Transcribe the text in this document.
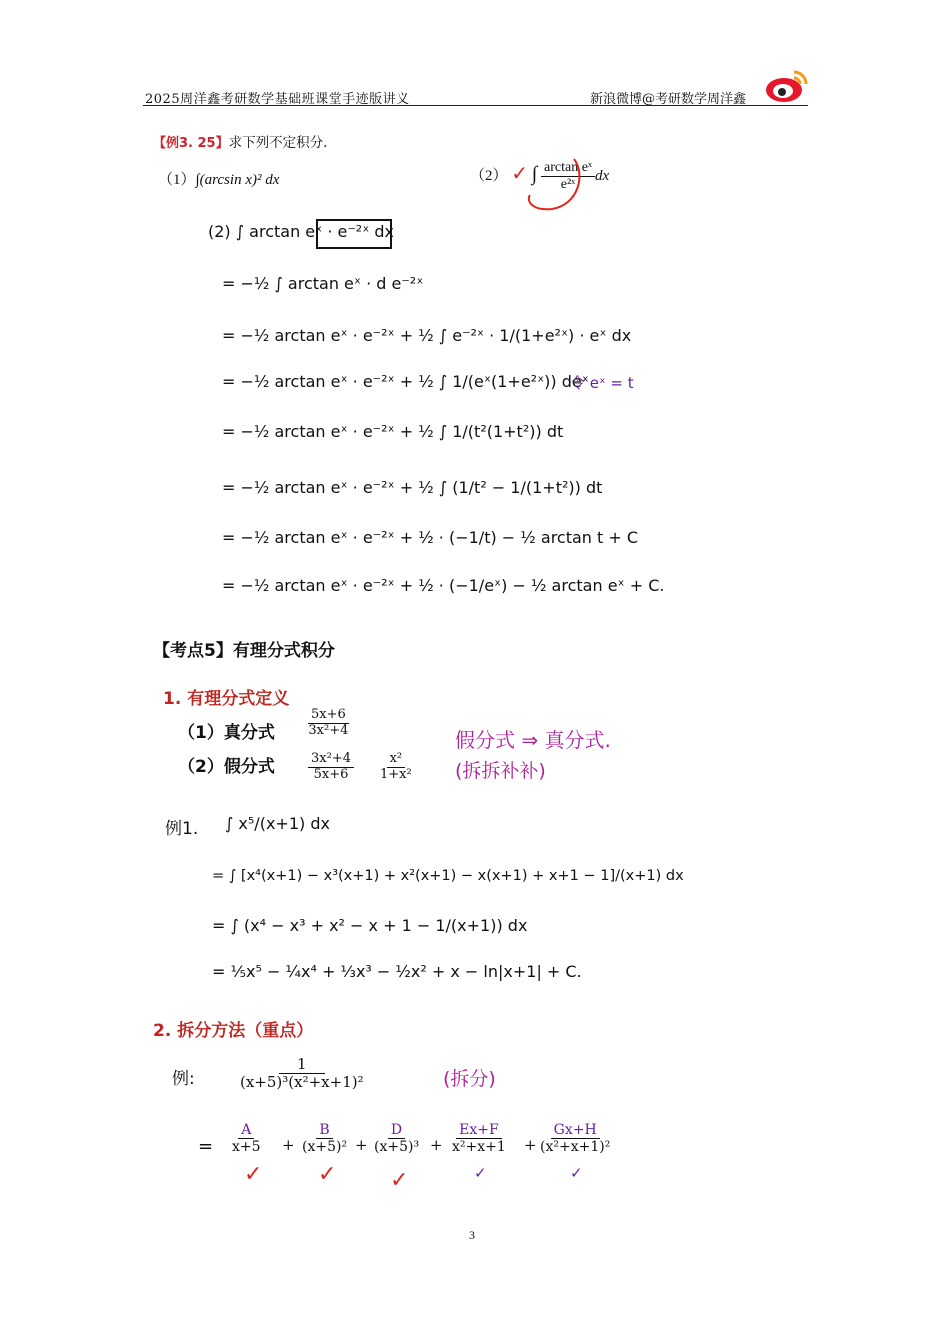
2025周洋鑫考研数学基础班课堂手迹版讲义	新浪微博@考研数学周洋鑫
【例3. 25】求下列不定积分.
（1）∫(arcsin x)² dx	（2） ✓ ∫ $\frac{\text{arctan eˣ}}{\text{e²ˣ}}$ dx
(2) ∫ arctan eˣ · e⁻²ˣ dx
= −½ ∫ arctan eˣ · d e⁻²ˣ
= −½ arctan eˣ · e⁻²ˣ + ½ ∫ e⁻²ˣ · 1/(1+e²ˣ) · eˣ dx
= −½ arctan eˣ · e⁻²ˣ + ½ ∫ 1/(eˣ(1+e²ˣ)) deˣ
令 eˣ = t
= −½ arctan eˣ · e⁻²ˣ + ½ ∫ 1/(t²(1+t²)) dt
= −½ arctan eˣ · e⁻²ˣ + ½ ∫ (1/t² − 1/(1+t²)) dt
= −½ arctan eˣ · e⁻²ˣ + ½ · (−1/t) − ½ arctan t + C
= −½ arctan eˣ · e⁻²ˣ + ½ · (−1/eˣ) − ½ arctan eˣ + C.
【考点5】有理分式积分
1. 有理分式定义
（1）真分式	$\frac{5x+6}{\text{3x²+4}}$
（2）假分式	$\frac{\text{3x²+4}}{5x+6} \frac{\text{x²}}{\text{1+x²}}$
假分式 ⇒ 真分式.
(拆拆补补)
例1. ∫ x⁵/(x+1) dx
= ∫ [x⁴(x+1) − x³(x+1) + x²(x+1) − x(x+1) + x+1 − 1]/(x+1) dx
= ∫ (x⁴ − x³ + x² − x + 1 − 1/(x+1)) dx
= ⅕x⁵ − ¼x⁴ + ⅓x³ − ½x² + x − ln|x+1| + C.
2. 拆分方法（重点）
例:	$\frac{1}{\text{(x+5)³(x²+x+1)²}}$	(拆分)
= $\frac{A}{x+5} + \frac{B}{\text{(x+5)²}} + \frac{D}{\text{(x+5)³}} + \frac{Ex+F}{\text{x²+x+1}} + \frac{Gx+H}{\text{(x²+x+1)²}}$
✓	✓ ✓	✓	✓
3
